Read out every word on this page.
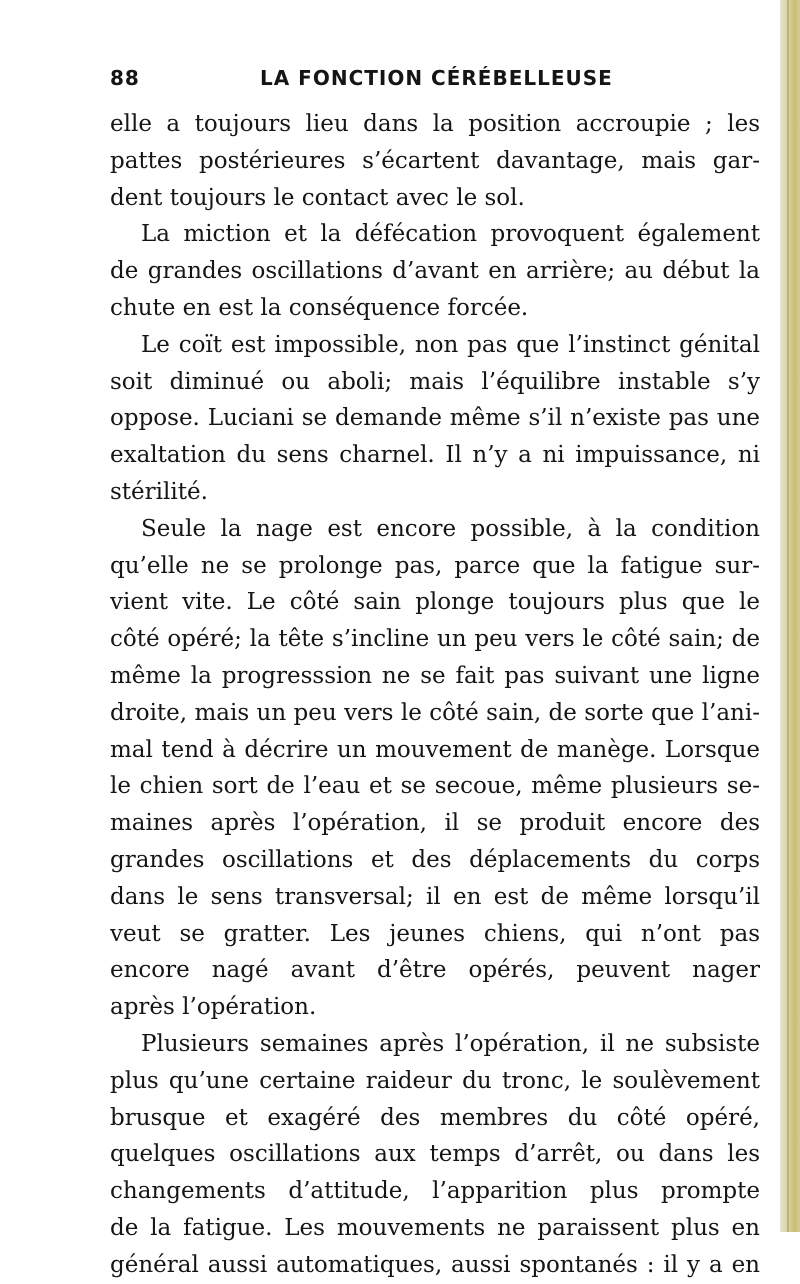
88	LA FONCTION CÉRÉBELLEUSE
elle a toujours lieu dans la position accroupie ; les
pattes postérieures s’écartent davantage, mais gar-
dent toujours le contact avec le sol.
La miction et la défécation provoquent également
de grandes oscillations d’avant en arrière; au début la
chute en est la conséquence forcée.
Le coït est impossible, non pas que l’instinct génital
soit diminué ou aboli; mais l’équilibre instable s’y
oppose. Luciani se demande même s’il n’existe pas une
exaltation du sens charnel. Il n’y a ni impuissance, ni
stérilité.
Seule la nage est encore possible, à la condition
qu’elle ne se prolonge pas, parce que la fatigue sur-
vient vite. Le côté sain plonge toujours plus que le
côté opéré; la tête s’incline un peu vers le côté sain; de
même la progresssion ne se fait pas suivant une ligne
droite, mais un peu vers le côté sain, de sorte que l’ani-
mal tend à décrire un mouvement de manège. Lorsque
le chien sort de l’eau et se secoue, même plusieurs se-
maines après l’opération, il se produit encore des
grandes oscillations et des déplacements du corps
dans le sens transversal; il en est de même lorsqu’il
veut se gratter. Les jeunes chiens, qui n’ont pas
encore nagé avant d’être opérés, peuvent nager
après l’opération.
Plusieurs semaines après l’opération, il ne subsiste
plus qu’une certaine raideur du tronc, le soulèvement
brusque et exagéré des membres du côté opéré,
quelques oscillations aux temps d’arrêt, ou dans les
changements d’attitude, l’apparition plus prompte
de la fatigue. Les mouvements ne paraissent plus en
général aussi automatiques, aussi spontanés : il y a en
